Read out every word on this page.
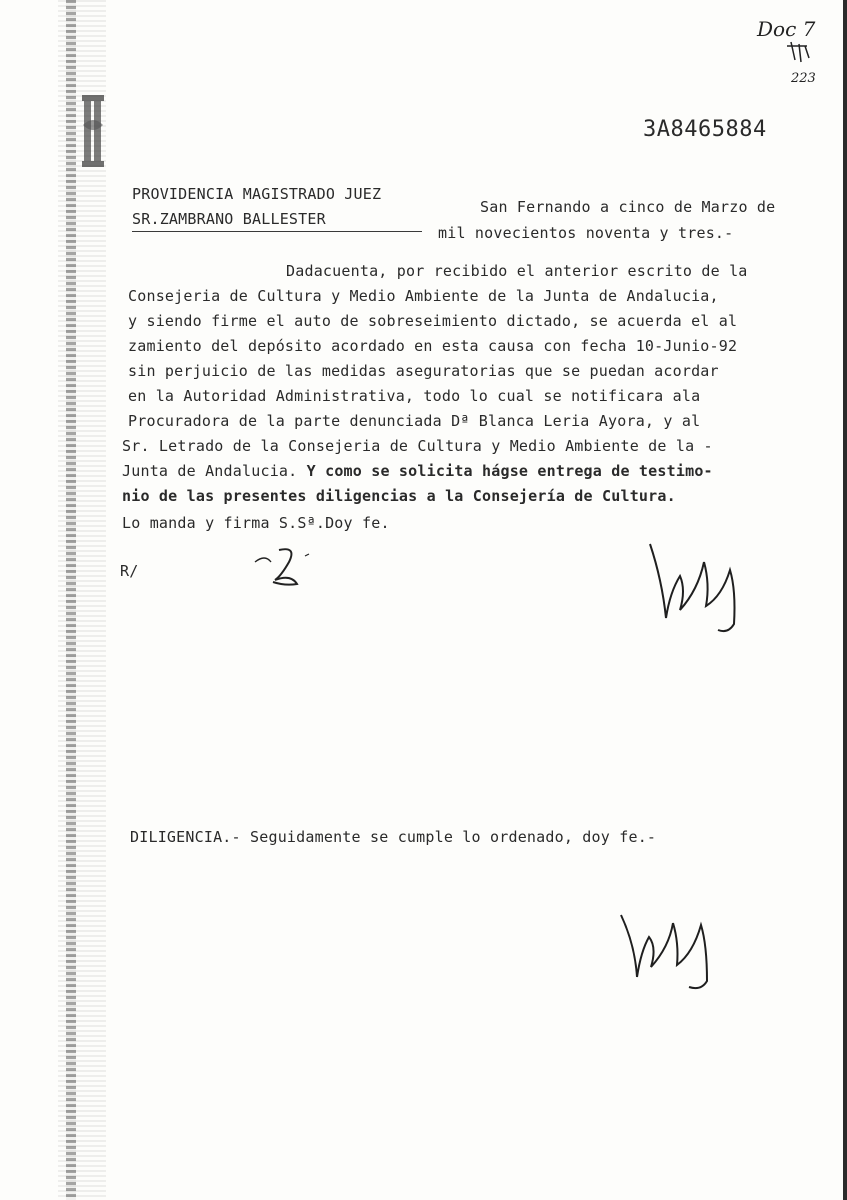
Doc 7
223
3A8465884
PROVIDENCIA MAGISTRADO JUEZ
SR.ZAMBRANO BALLESTER
San Fernando a cinco de Marzo de
mil novecientos noventa y tres.-
Dadacuenta, por recibido el anterior escrito de la
Consejeria de Cultura y Medio Ambiente de la Junta de Andalucia,
y siendo firme el auto de sobreseimiento dictado, se acuerda el al
zamiento del depósito acordado en esta causa con fecha 10-Junio-92
sin perjuicio de las medidas aseguratorias que se puedan acordar
en la Autoridad Administrativa, todo lo cual se notificara ala
Procuradora de la parte denunciada Dª Blanca Leria Ayora, y al
Sr. Letrado de la Consejeria de Cultura y Medio Ambiente de la -
Junta de Andalucia. Y como se solicita hágse entrega de testimo-
nio de las presentes diligencias a la Consejería de Cultura.
Lo manda y firma S.Sª.Doy fe.
R/
DILIGENCIA.- Seguidamente se cumple lo ordenado, doy fe.-
